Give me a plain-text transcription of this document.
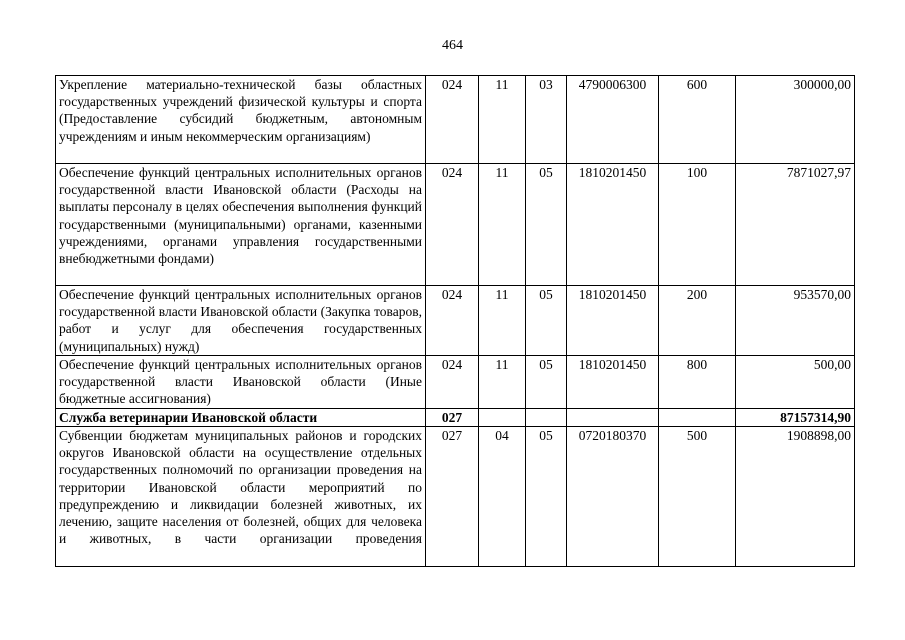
464
Укрепление материально-технической базы областных государственных учреждений физической культуры и спорта (Предоставление субсидий бюджетным, автономным учреждениям и иным некоммерческим организациям)	024	11	03	4790006300	600	300000,00
Обеспечение функций центральных исполнительных органов государственной власти Ивановской области (Расходы на выплаты персоналу в целях обеспечения выполнения функций государственными (муниципальными) органами, казенными учреждениями, органами управления государственными внебюджетными фондами)	024	11	05	1810201450	100	7871027,97
Обеспечение функций центральных исполнительных органов государственной власти Ивановской области (Закупка товаров, работ и услуг для обеспечения государственных (муниципальных) нужд)	024	11	05	1810201450	200	953570,00
Обеспечение функций центральных исполнительных органов государственной власти Ивановской области (Иные бюджетные ассигнования)	024	11	05	1810201450	800	500,00
Служба ветеринарии Ивановской области	027					87157314,90
Субвенции бюджетам муниципальных районов и городских округов Ивановской области на осуществление отдельных государственных полномочий по организации проведения на территории Ивановской области мероприятий по предупреждению и ликвидации болезней животных, их лечению, защите населения от болезней, общих для человека и животных, в части организации проведения	027	04	05	0720180370	500	1908898,00
